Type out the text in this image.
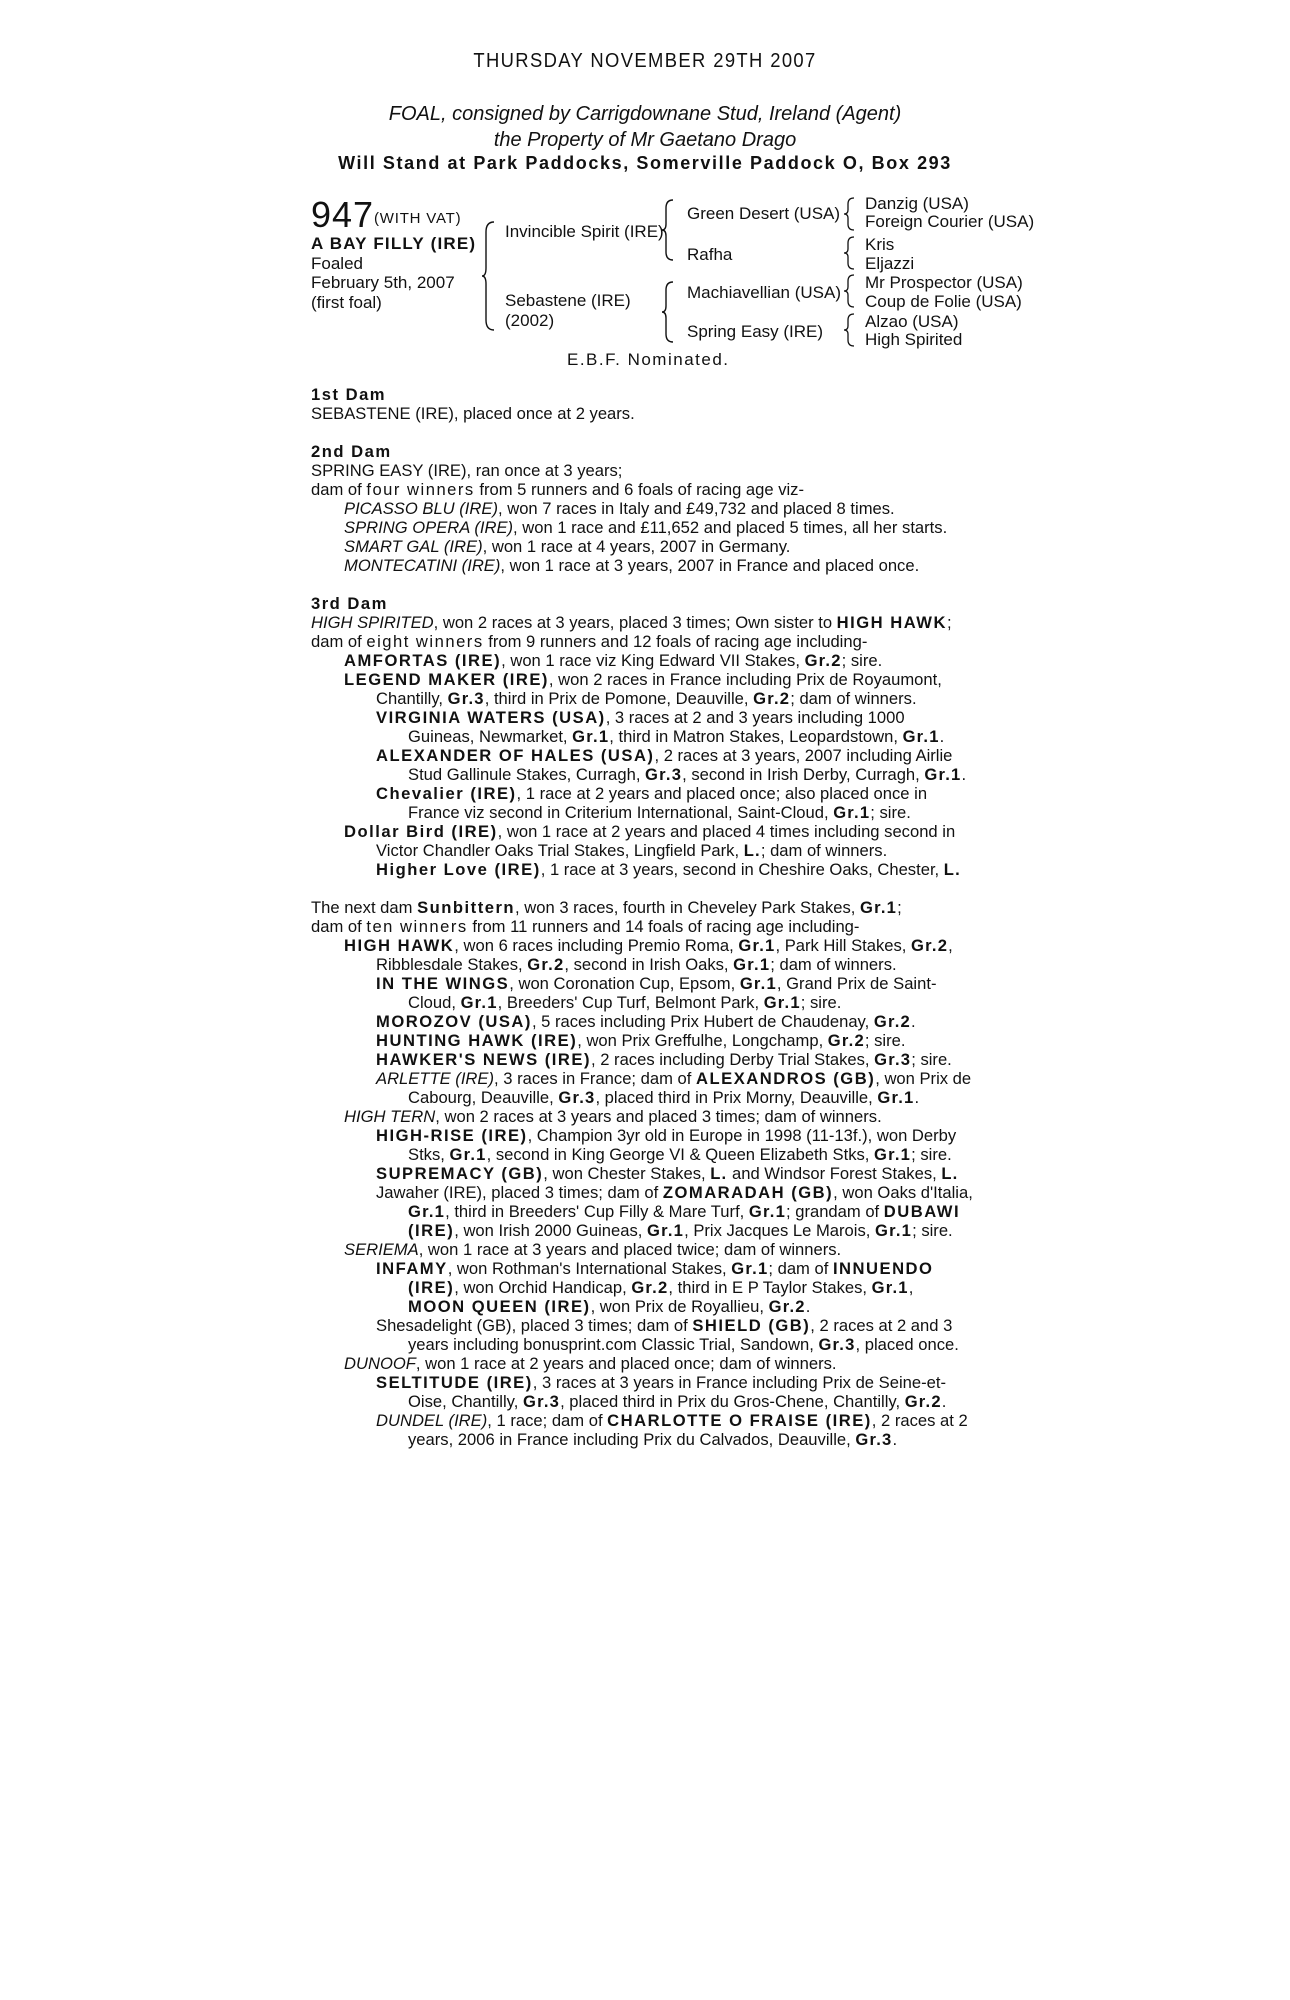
THURSDAY NOVEMBER 29TH 2007
FOAL, consigned by Carrigdownane Stud, Ireland (Agent)
the Property of Mr Gaetano Drago
Will Stand at Park Paddocks, Somerville Paddock O, Box 293
947 (WITH VAT)
A BAY FILLY (IRE)
Foaled
February 5th, 2007
(first foal)
Invincible Spirit (IRE)
Sebastene (IRE)
(2002)
Green Desert (USA)
Rafha
Machiavellian (USA)
Spring Easy (IRE)
Danzig (USA)
Foreign Courier (USA)
Kris
Eljazzi
Mr Prospector (USA)
Coup de Folie (USA)
Alzao (USA)
High Spirited
E.B.F. Nominated.
1st Dam
SEBASTENE (IRE), placed once at 2 years.
2nd Dam
SPRING EASY (IRE), ran once at 3 years;
dam of four winners from 5 runners and 6 foals of racing age viz-
PICASSO BLU (IRE), won 7 races in Italy and £49,732 and placed 8 times.
SPRING OPERA (IRE), won 1 race and £11,652 and placed 5 times, all her starts.
SMART GAL (IRE), won 1 race at 4 years, 2007 in Germany.
MONTECATINI (IRE), won 1 race at 3 years, 2007 in France and placed once.
3rd Dam
HIGH SPIRITED, won 2 races at 3 years, placed 3 times; Own sister to HIGH HAWK;
dam of eight winners from 9 runners and 12 foals of racing age including-
AMFORTAS (IRE), won 1 race viz King Edward VII Stakes, Gr.2; sire.
LEGEND MAKER (IRE), won 2 races in France including Prix de Royaumont,
Chantilly, Gr.3, third in Prix de Pomone, Deauville, Gr.2; dam of winners.
VIRGINIA WATERS (USA), 3 races at 2 and 3 years including 1000
Guineas, Newmarket, Gr.1, third in Matron Stakes, Leopardstown, Gr.1.
ALEXANDER OF HALES (USA), 2 races at 3 years, 2007 including Airlie
Stud Gallinule Stakes, Curragh, Gr.3, second in Irish Derby, Curragh, Gr.1.
Chevalier (IRE), 1 race at 2 years and placed once; also placed once in
France viz second in Criterium International, Saint-Cloud, Gr.1; sire.
Dollar Bird (IRE), won 1 race at 2 years and placed 4 times including second in
Victor Chandler Oaks Trial Stakes, Lingfield Park, L.; dam of winners.
Higher Love (IRE), 1 race at 3 years, second in Cheshire Oaks, Chester, L.
The next dam Sunbittern, won 3 races, fourth in Cheveley Park Stakes, Gr.1;
dam of ten winners from 11 runners and 14 foals of racing age including-
HIGH HAWK, won 6 races including Premio Roma, Gr.1, Park Hill Stakes, Gr.2,
Ribblesdale Stakes, Gr.2, second in Irish Oaks, Gr.1; dam of winners.
IN THE WINGS, won Coronation Cup, Epsom, Gr.1, Grand Prix de Saint-
Cloud, Gr.1, Breeders' Cup Turf, Belmont Park, Gr.1; sire.
MOROZOV (USA), 5 races including Prix Hubert de Chaudenay, Gr.2.
HUNTING HAWK (IRE), won Prix Greffulhe, Longchamp, Gr.2; sire.
HAWKER'S NEWS (IRE), 2 races including Derby Trial Stakes, Gr.3; sire.
ARLETTE (IRE), 3 races in France; dam of ALEXANDROS (GB), won Prix de
Cabourg, Deauville, Gr.3, placed third in Prix Morny, Deauville, Gr.1.
HIGH TERN, won 2 races at 3 years and placed 3 times; dam of winners.
HIGH-RISE (IRE), Champion 3yr old in Europe in 1998 (11-13f.), won Derby
Stks, Gr.1, second in King George VI & Queen Elizabeth Stks, Gr.1; sire.
SUPREMACY (GB), won Chester Stakes, L. and Windsor Forest Stakes, L.
Jawaher (IRE), placed 3 times; dam of ZOMARADAH (GB), won Oaks d'Italia,
Gr.1, third in Breeders' Cup Filly & Mare Turf, Gr.1; grandam of DUBAWI
(IRE), won Irish 2000 Guineas, Gr.1, Prix Jacques Le Marois, Gr.1; sire.
SERIEMA, won 1 race at 3 years and placed twice; dam of winners.
INFAMY, won Rothman's International Stakes, Gr.1; dam of INNUENDO
(IRE), won Orchid Handicap, Gr.2, third in E P Taylor Stakes, Gr.1,
MOON QUEEN (IRE), won Prix de Royallieu, Gr.2.
Shesadelight (GB), placed 3 times; dam of SHIELD (GB), 2 races at 2 and 3
years including bonusprint.com Classic Trial, Sandown, Gr.3, placed once.
DUNOOF, won 1 race at 2 years and placed once; dam of winners.
SELTITUDE (IRE), 3 races at 3 years in France including Prix de Seine-et-
Oise, Chantilly, Gr.3, placed third in Prix du Gros-Chene, Chantilly, Gr.2.
DUNDEL (IRE), 1 race; dam of CHARLOTTE O FRAISE (IRE), 2 races at 2
years, 2006 in France including Prix du Calvados, Deauville, Gr.3.
